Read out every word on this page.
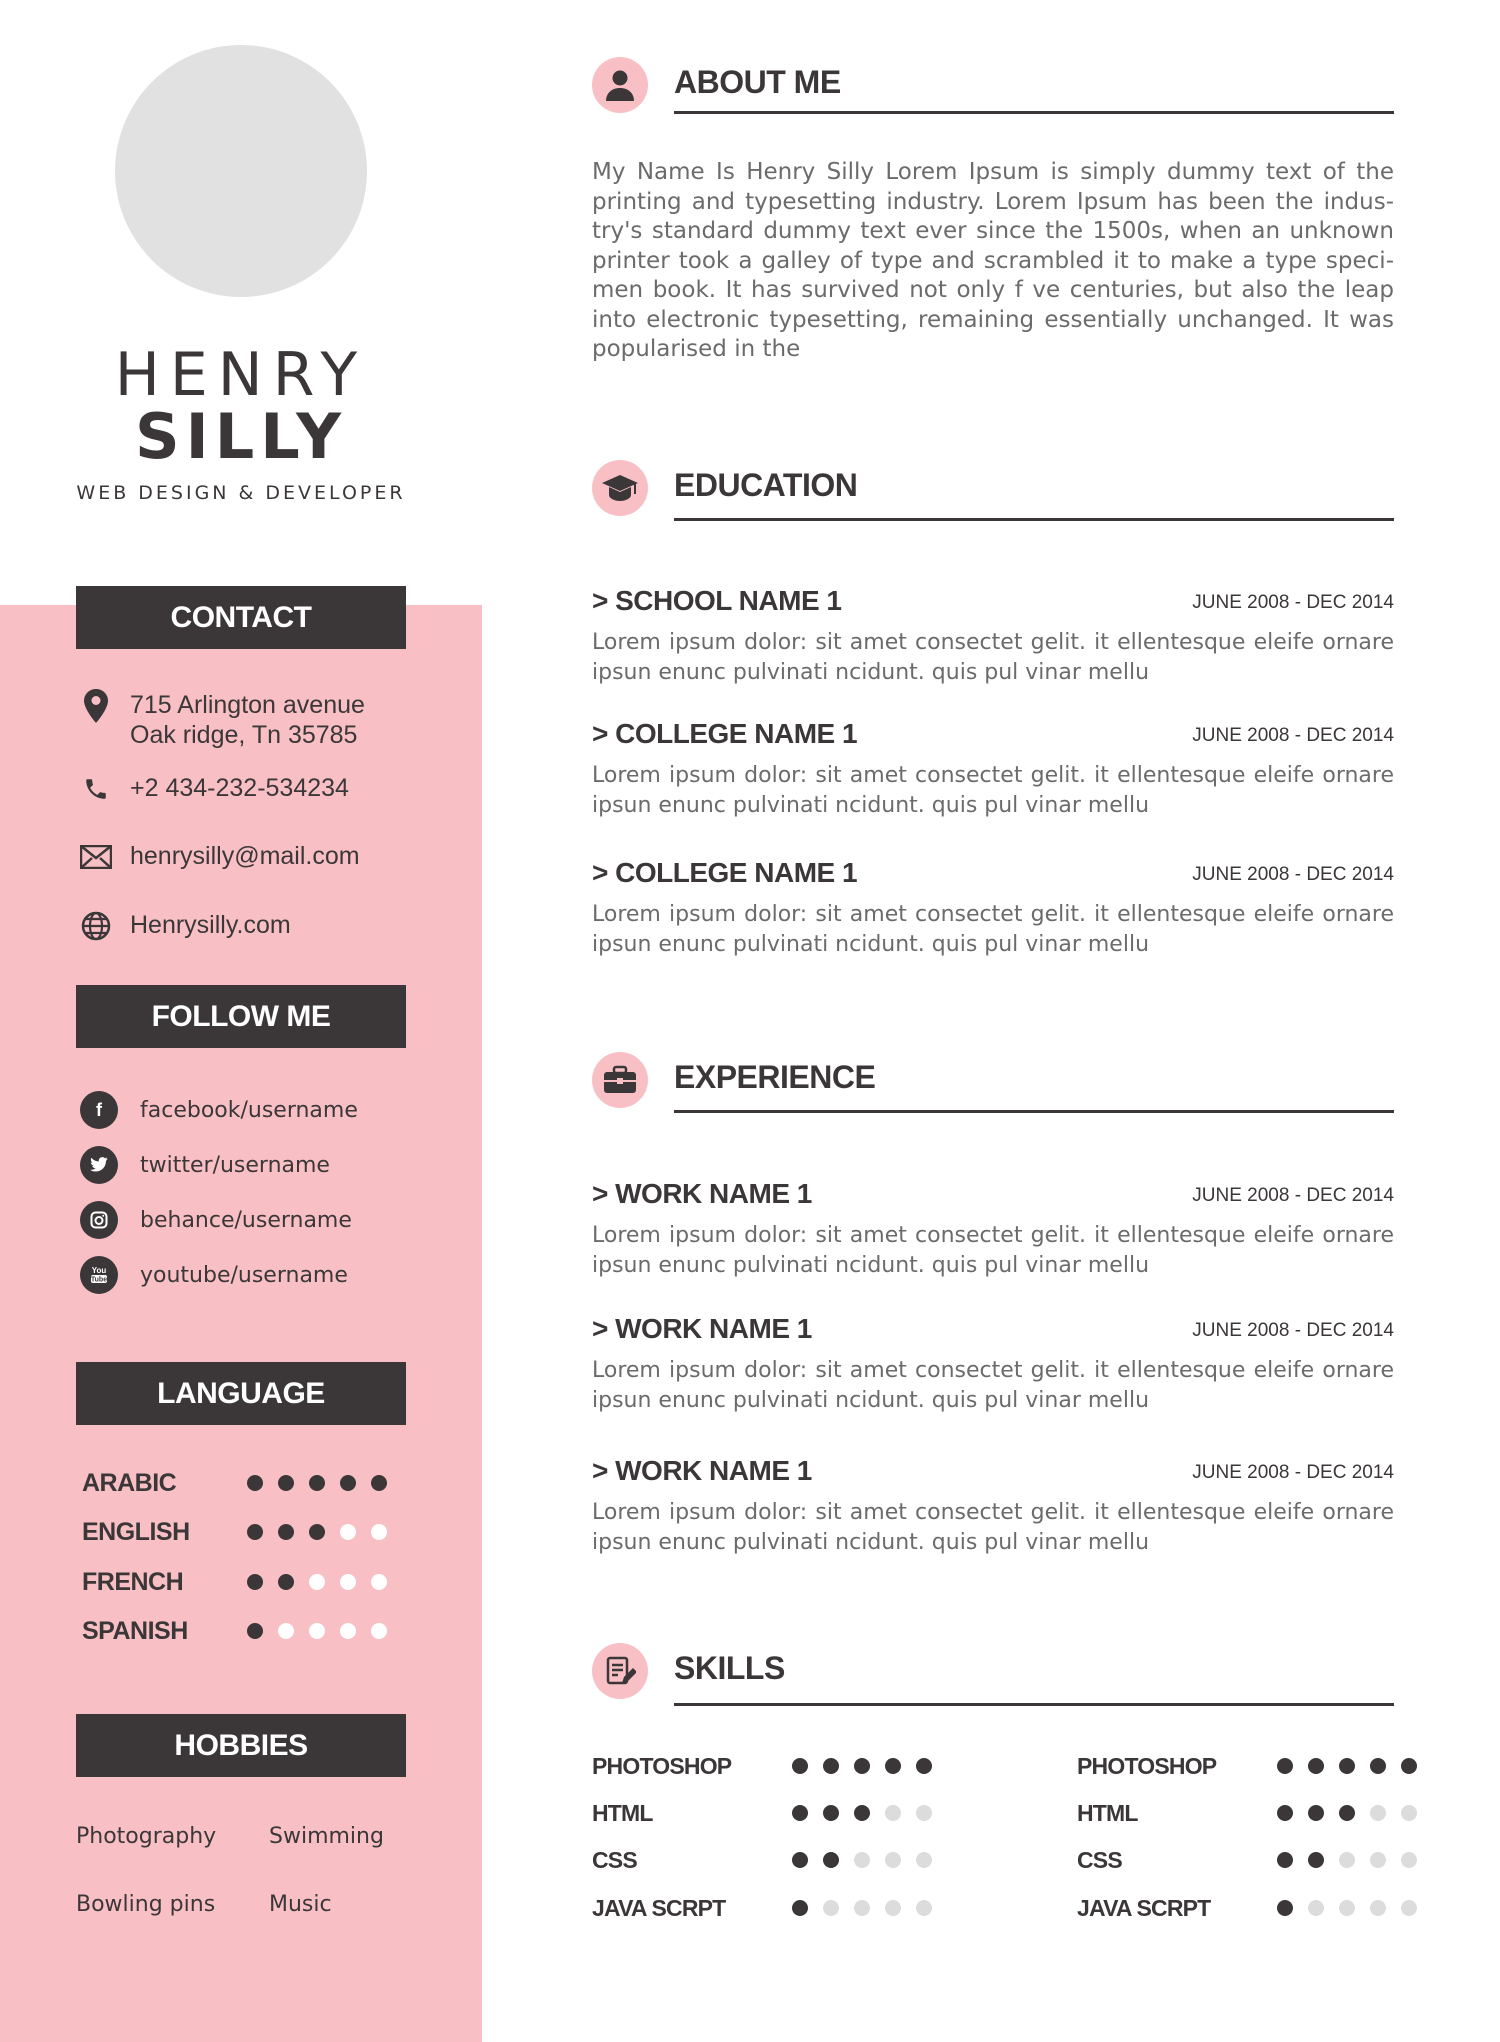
HENRY
SILLY
WEB DESIGN & DEVELOPER
CONTACT
715 Arlington avenue
Oak ridge, Tn 35785
+2 434-232-534234
henrysilly@mail.com
Henrysilly.com
FOLLOW ME
f	facebook/username
twitter/username
behance/username
You
Tube youtube/username
LANGUAGE
ARABIC
ENGLISH
FRENCH
SPANISH
HOBBIES
Photography Swimming
Bowling pins Music
ABOUT ME
My Name Is Henry Silly Lorem Ipsum is simply dummy text of the printing and typesetting industry. Lorem Ipsum has been the indus-try's standard dummy text ever since the 1500s, when an unknown printer took a galley of type and scrambled it to make a type speci-men book. It has survived not only f ve centuries, but also the leap into electronic typesetting, remaining essentially unchanged. It was popularised in the
EDUCATION
> SCHOOL NAME 1	JUNE 2008 - DEC 2014
Lorem ipsum dolor: sit amet consectet gelit. it ellentesque eleife ornare ipsun enunc pulvinati ncidunt. quis pul vinar mellu
> COLLEGE NAME 1	JUNE 2008 - DEC 2014
Lorem ipsum dolor: sit amet consectet gelit. it ellentesque eleife ornare ipsun enunc pulvinati ncidunt. quis pul vinar mellu
> COLLEGE NAME 1	JUNE 2008 - DEC 2014
Lorem ipsum dolor: sit amet consectet gelit. it ellentesque eleife ornare ipsun enunc pulvinati ncidunt. quis pul vinar mellu
EXPERIENCE
> WORK NAME 1	JUNE 2008 - DEC 2014
Lorem ipsum dolor: sit amet consectet gelit. it ellentesque eleife ornare ipsun enunc pulvinati ncidunt. quis pul vinar mellu
> WORK NAME 1	JUNE 2008 - DEC 2014
Lorem ipsum dolor: sit amet consectet gelit. it ellentesque eleife ornare ipsun enunc pulvinati ncidunt. quis pul vinar mellu
> WORK NAME 1	JUNE 2008 - DEC 2014
Lorem ipsum dolor: sit amet consectet gelit. it ellentesque eleife ornare ipsun enunc pulvinati ncidunt. quis pul vinar mellu
SKILLS
PHOTOSHOP
HTML
CSS
JAVA SCRPT
PHOTOSHOP
HTML
CSS
JAVA SCRPT
